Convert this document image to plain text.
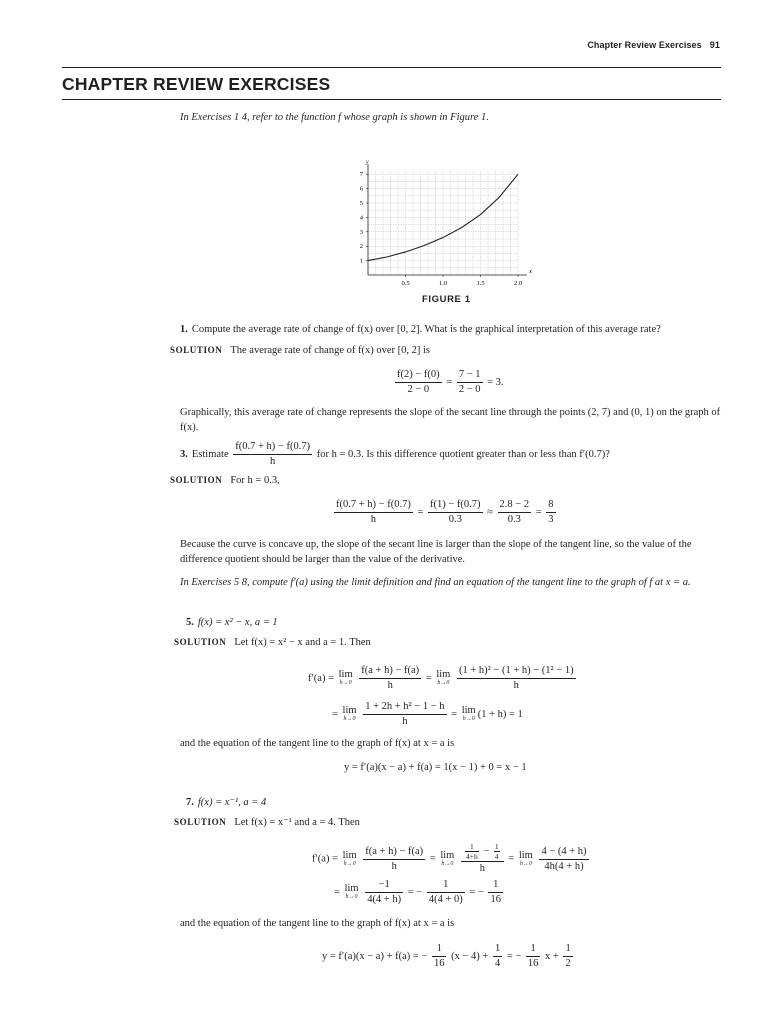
Chapter Review Exercises 91
CHAPTER REVIEW EXERCISES
In Exercises 1 4, refer to the function f whose graph is shown in Figure 1.
x
y
1
2
3
4
5
6
7
0.5	1.0	1.5	2.0
FIGURE 1
1. Compute the average rate of change of f(x) over [0, 2]. What is the graphical interpretation of this average rate?
SOLUTION The average rate of change of f(x) over [0, 2] is
$\frac{f(2) - f(0)}{2 - 0} = \frac{7 - 1}{2 - 0} = 3$.
Graphically, this average rate of change represents the slope of the secant line through the points (2, 7) and (0, 1) on the graph of f(x).
3. Estimate $\frac{f(0.7 + h) - f(0.7)}{h}$ for h = 0.3. Is this difference quotient greater than or less than f′(0.7)?
SOLUTION For h = 0.3,
$\frac{f(0.7 + h) - f(0.7)}{h} = \frac{f(1) - f(0.7)}{0.3} \approx \frac{2.8 - 2}{0.3} = \frac{8}{3}$
Because the curve is concave up, the slope of the secant line is larger than the slope of the tangent line, so the value of the difference quotient should be larger than the value of the derivative.
In Exercises 5 8, compute f′(a) using the limit definition and find an equation of the tangent line to the graph of f at x = a.
5. f(x) = x² − x, a = 1
SOLUTION Let f(x) = x² − x and a = 1. Then
f′(a) = lim
h→0
$\frac{f(a + h) - f(a)}{h} = \lim$
h→0
$\frac{\text{(1 + h)² − (1 + h) − (1² − 1)}}{h}$
= lim
h→0
$\frac{\text{1 + 2h + h² − 1 − h}}{h} = \lim$
h→0 (1 + h) = 1
and the equation of the tangent line to the graph of f(x) at x = a is
y = f′(a)(x − a) + f(a) = 1(x − 1) + 0 = x − 1
7. f(x) = x⁻¹, a = 4
SOLUTION Let f(x) = x⁻¹ and a = 4. Then
f′(a) = lim
h→0
$\frac{f(a + h) - f(a)}{h} = \lim$
h→0
$\frac{\frac{1}{4+h} - \frac{1}{4}}{h} = \lim$
h→0
$\frac{4 - (4 + h)}{4h(4 + h)}$
= lim
h→0
$\frac{-1}{4(4 + h)}$ = − $\frac{1}{4(4 + 0)}$ = − $\frac{1}{16}$
and the equation of the tangent line to the graph of f(x) at x = a is
y = f′(a)(x − a) + f(a) = − $\frac{1}{16} (x - 4) + \frac{1}{4}$ = − $\frac{1}{16}$ $x + \frac{1}{2}$
